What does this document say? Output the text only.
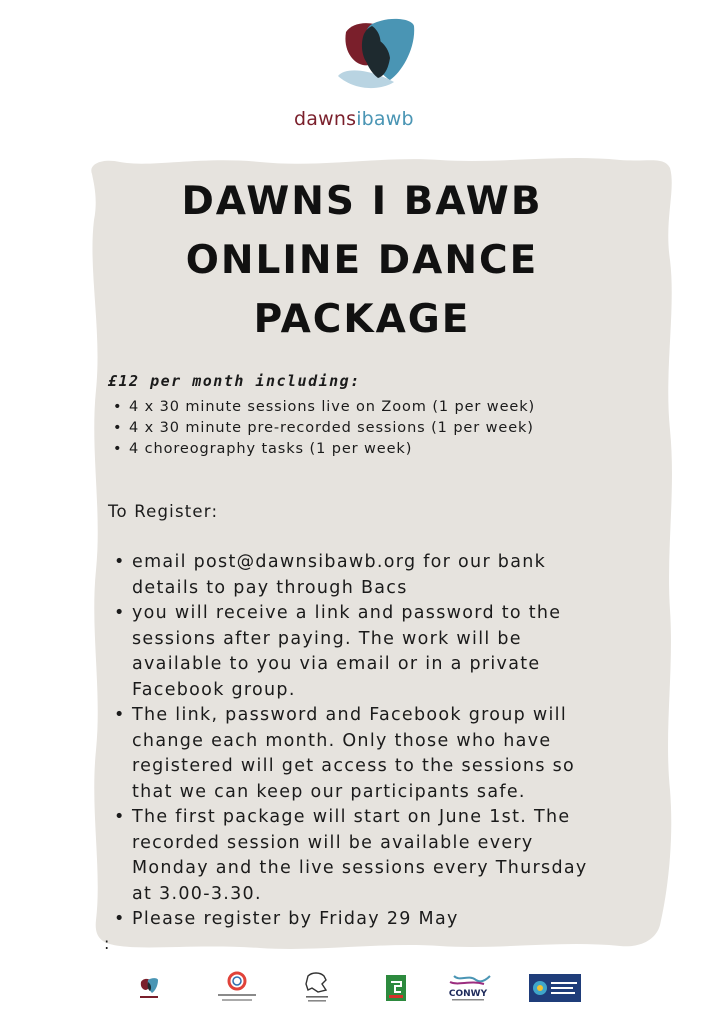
dawnsibawb
DAWNS I BAWB
ONLINE DANCE
PACKAGE
£12 per month including:
• 4 x 30 minute sessions live on Zoom (1 per week)
• 4 x 30 minute pre-recorded sessions (1 per week)
• 4 choreography tasks (1 per week)
To Register:
• email post@dawnsibawb.org for our bank
details to pay through Bacs
• you will receive a link and password to the
sessions after paying. The work will be
available to you via email or in a private
Facebook group.
• The link, password and Facebook group will
change each month. Only those who have
registered will get access to the sessions so
that we can keep our participants safe.
• The first package will start on June 1st. The
recorded session will be available every
Monday and the live sessions every Thursday
at 3.00-3.30.
• Please register by Friday 29 May
:
CONWY
